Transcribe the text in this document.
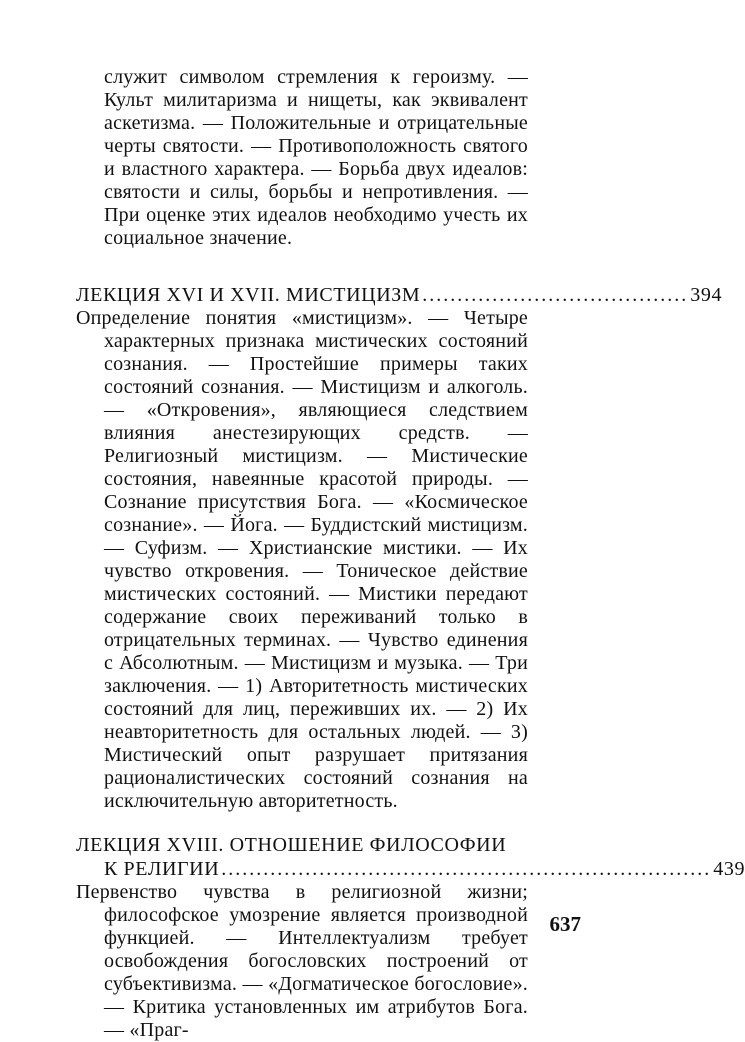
служит символом стремления к героизму. — Культ милитаризма и нищеты, как эквивалент аскетизма. — Положительные и отрицательные черты святости. — Противоположность святого и властного характера. — Борьба двух идеалов: святости и силы, борьбы и непротивления. — При оценке этих идеалов необходимо учесть их социальное значение.

ЛЕКЦИЯ XVI И XVII. МИСТИЦИЗМ ...................................... 394

Определение понятия «мистицизм». — Четыре характерных признака мистических состояний сознания. — Простейшие примеры таких состояний сознания. — Мистицизм и алкоголь. — «Откровения», являющиеся следствием влияния анестезирующих средств. — Религиозный мистицизм. — Мистические состояния, навеянные красотой природы. — Сознание присутствия Бога. — «Космическое сознание». — Йога. — Буддистский мистицизм. — Суфизм. — Христианские мистики. — Их чувство откровения. — Тоническое действие мистических состояний. — Мистики передают содержание своих переживаний только в отрицательных терминах. — Чувство единения с Абсолютным. — Мистицизм и музыка. — Три заключения. — 1) Авторитетность мистических состояний для лиц, переживших их. — 2) Их неавторитетность для остальных людей. — 3) Мистический опыт разрушает притязания рационалистических состояний сознания на исключительную авторитетность.

ЛЕКЦИЯ XVIII. ОТНОШЕНИЕ ФИЛОСОФИИ

К РЕЛИГИИ ...................................................................... 439

Первенство чувства в религиозной жизни; философское умозрение является производной функцией. — Интеллектуализм требует освобождения богословских построений от субъективизма. — «Догматическое богословие». — Критика установленных им атрибутов Бога. — «Праг-

637
